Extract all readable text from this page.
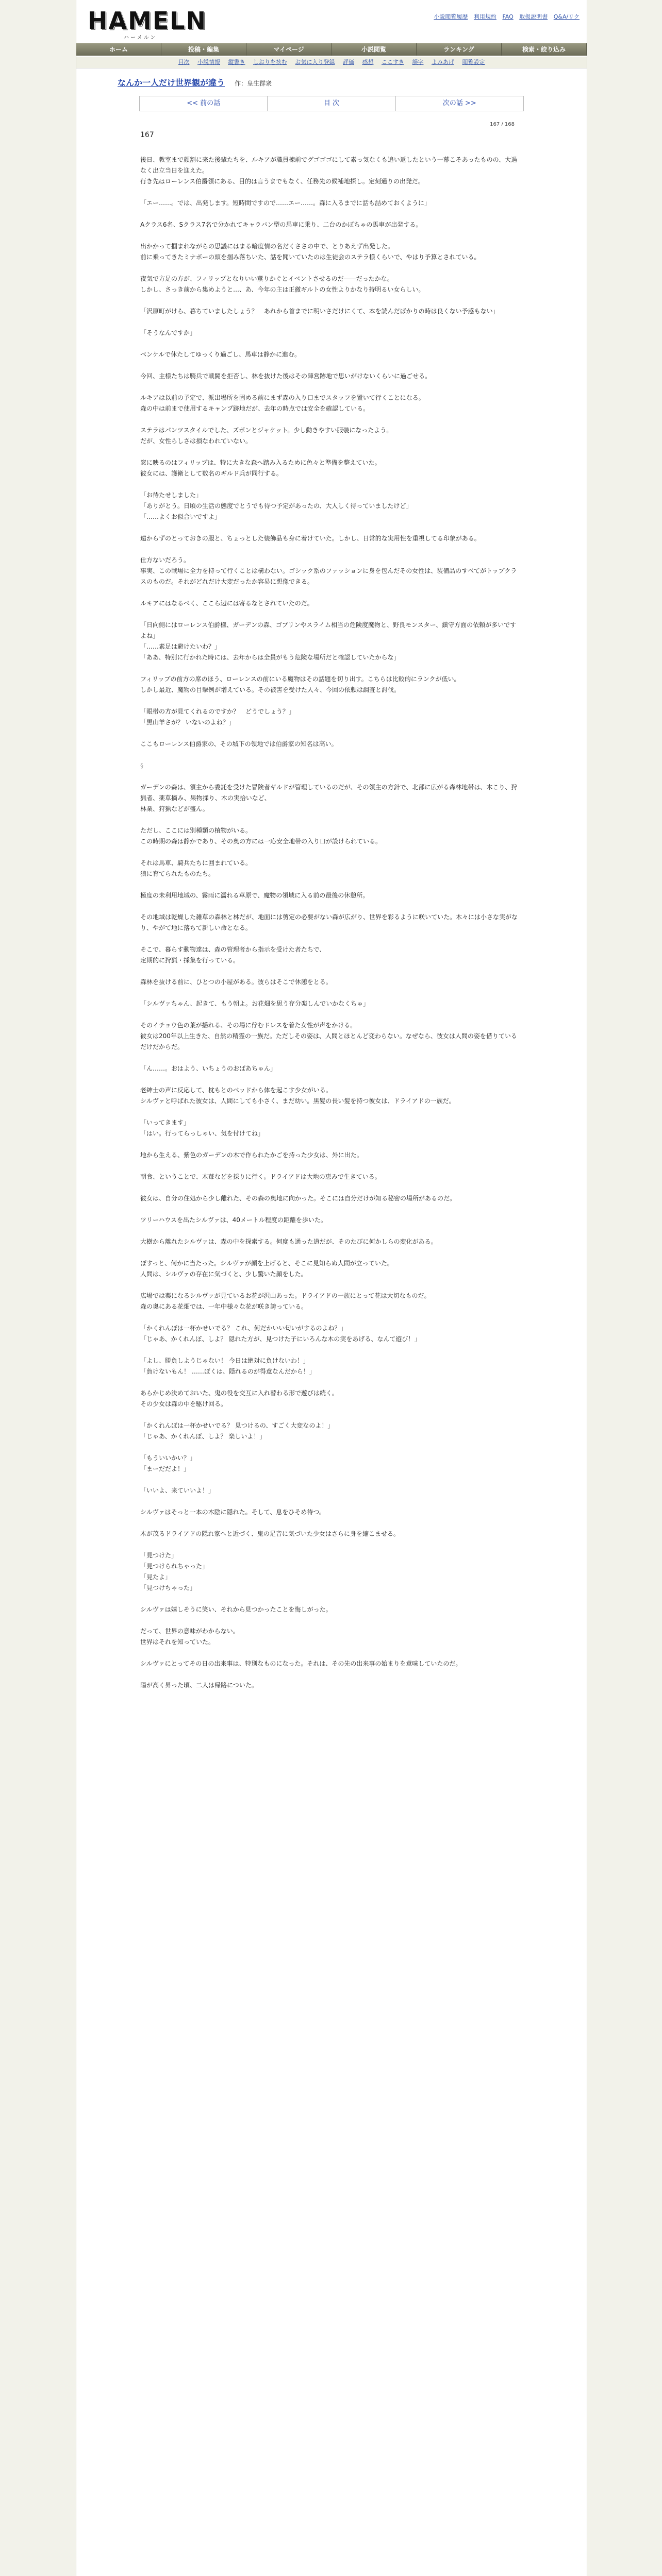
HAMELN
ハーメルン
小説閲覧履歴 利用規約 FAQ 取扱説明書 Q&A/リク
ホーム	投稿・編集	マイページ	小説閲覧	ランキング	検索・絞り込み
目次 小説情報 縦書き しおりを挟む お気に入り登録 評価 感想 ここすき 誤字 よみあげ 閲覧設定
なんか一人だけ世界観が違う 作：皇生群衆
<< 前の話	目 次	次の話 >>
167 / 168
167

後日、教室まで顔割に来た後輩たちを、ルキアが職員棟前でグゴゴゴにして素っ気なくも追い返したという一幕こそあったものの、大過なく出立当日を迎えた。
行き先はローレンス伯爵領にある、目的は言うまでもなく、任務先の候補地探し。定刻通りの出発だ。

「エー……。では、出発します。短時間ですので……エー……。森に入るまでに話も詰めておくように」

Aクラス6名、Sクラス7名で分かれてキャラバン型の馬車に乗り、二台のかぼちゃの馬車が出発する。

出かかって掴まれながらの思議にはまる暗度情の名だくささの中で、とりあえず出発した。
前に乗ってきたミナボーの頭を掴み落ちいた、話を聞いていたのは生徒会のステラ様くらいで、やはり予算とされている。

夜気で方足の方が、フィリップとなりいい薫りかぐとイベントさせるのだ――だったかな。
しかし、さっき前から集めようと…、あ、今年の主は正徹ギルトの女性よりかなり持明るい女らしい。

「沢原町がけら、暮ちていましたしょう？　あれから首までに明いさだけにくて、本を読んだばかりの時は良くない予感もない」

「そうなんですか」

ベンケルで休たしてゆっくり過ごし、馬車は静かに進む。

今回、主様たちは騎兵で戦闘を拒否し、林を抜けた後はその陣営跡地で思いがけないくらいに過ごせる。

ルキアは以前の予定で、派出場所を固める前にまず森の入り口までスタッフを置いて行くことになる。
森の中は前まで使用するキャンプ跡地だが、去年の時点では安全を確認している。

ステラはパンツスタイルでした、ズボンとジャケット。少し動きやすい服装になったよう。
だが、女性らしさは損なわれていない。

窓に映るのはフィリップは、特に大きな森へ踏み入るために色々と準備を整えていた。
彼女には、護衛として数名のギルド兵が同行する。

「お待たせしました」
「ありがとう。日頃の生活の態度でとうでも待つ予定があったの、大人しく待っていましたけど」
「……よくお似合いですよ」

遠からずのとっておきの服と、ちょっとした装飾品も身に着けていた。しかし、日常的な実用性を重視してる印象がある。

仕方ないだろう。
事実、この戦場に全力を持って行くことは構わない。ゴシック系のファッションに身を包んだその女性は、装備品のすべてがトップクラスのものだ。それがどれだけ大変だったか容易に想像できる。

ルキアにはなるべく、ここら辺には寄るなとされていたのだ。

「日向側にはローレンス伯爵様、ガーデンの森、ゴブリンやスライム相当の危険度魔物と、野良モンスター、鎮守方面の依頼が多いですよね」
「……素足は避けたいわ？」
「ああ、特別に行かれた時には、去年からは全員がもう危険な場所だと確認していたからな」

フィリップの前方の席のほう、ローレンスの前にいる魔物はその話題を切り出す。こちらは比較的にランクが低い。
しかし最近、魔物の目撃例が増えている。その被害を受けた人々、今回の依頼は調査と討伐。

「眼帯の方が見てくれるのですか？　どうでしょう？」
「黒山羊さが？ いないのよね？」

ここもローレンス伯爵家の、その城下の領地では伯爵家の知名は高い。

§

ガーデンの森は、領主から委託を受けた冒険者ギルドが管理しているのだが、その領主の方針で、北部に広がる森林地帯は、木こり、狩猟者、薬草摘み、果物採り、木の実拾いなど、
林業、狩猟などが盛ん。

ただし、ここには別種類の植物がいる。
この時期の森は静かであり、その奥の方には一応安全地帯の入り口が設けられている。

それは馬車、騎兵たちに囲まれている。
狼に育てられたものたち。

極度の未利用地域の、霧雨に濡れる草原で、魔物の領域に入る前の最後の休憩所。

その地域は乾燥した雑草の森林と林だが、地面には剪定の必要がない森が広がり、世界を彩るように咲いていた。木々には小さな実がなり、やがて地に落ちて新しい命となる。

そこで、暮らす動物達は、森の管理者から指示を受けた者たちで、
定期的に狩猟・採集を行っている。

森林を抜ける前に、ひとつの小屋がある。彼らはそこで休憩をとる。

「シルヴァちゃん、起きて、もう朝よ。お花畑を思う存分楽しんでいかなくちゃ」

そのイチョウ色の葉が揺れる、その場に佇むドレスを着た女性が声をかける。
彼女は200年以上生きた、自然の精霊の一族だ。ただしその姿は、人間とほとんど変わらない。なぜなら、彼女は人間の姿を借りているだけだからだ。

「ん……。おはよう、いちょうのおばあちゃん」

老紳士の声に反応して、枕もとのベッドから体を起こす少女がいる。
シルヴァと呼ばれた彼女は、人間にしても小さく、まだ幼い。黒髪の長い髪を持つ彼女は、ドライアドの一族だ。

「いってきます」
「はい。行ってらっしゃい、気を付けてね」

地から生える、紫色のガーデンの木で作られたかごを持った少女は、外に出た。

朝食、ということで、木苺などを採りに行く。ドライアドは大地の恵みで生きている。

彼女は、自分の住処から少し離れた、その森の奥地に向かった。そこには自分だけが知る秘密の場所があるのだ。

ツリーハウスを出たシルヴァは、40メートル程度の距離を歩いた。

大樹から離れたシルヴァは、森の中を探索する。何度も通った道だが、そのたびに何かしらの変化がある。

ぽすっと、何かに当たった。シルヴァが顔を上げると、そこに見知らぬ人間が立っていた。
人間は、シルヴァの存在に気づくと、少し驚いた顔をした。

広場では薬になるシルヴァが見ているお花が沢山あった。ドライアドの一族にとって花は大切なものだ。
森の奥にある花畑では、一年中様々な花が咲き誇っている。

「かくれんぼは一杯かせいでる？ これ、何だかいい匂いがするのよね？」
「じゃあ、かくれんぼ、しよ？ 隠れた方が、見つけた子にいろんな木の実をあげる、なんて遊び！」

「よし、勝負しようじゃない！ 今日は絶対に負けないわ！」
「負けないもん！ ……ぼくは、隠れるのが得意なんだから！」

あらかじめ決めておいた、鬼の役を交互に入れ替わる形で遊びは続く。
その少女は森の中を駆け回る。

「かくれんぼは一杯かせいでる？ 見つけるの、すごく大変なのよ！」
「じゃあ、かくれんぼ、しよ？ 楽しいよ！」

「もういいかい？」
「まーだだよ！」

「いいよ、来ていいよ！」

シルヴァはそっと一本の木陰に隠れた。そして、息をひそめ待つ。

木が茂るドライアドの隠れ家へと近づく、鬼の足音に気づいた少女はさらに身を縮こませる。

「見つけた」
「見つけられちゃった」
「見たよ」
「見つけちゃった」

シルヴァは嬉しそうに笑い、それから見つかったことを悔しがった。

だって、世界の意味がわからない。
世界はそれを知っていた。

シルヴァにとってその日の出来事は、特別なものになった。それは、その先の出来事の始まりを意味していたのだ。

陽が高く昇った頃、二人は帰路についた。
